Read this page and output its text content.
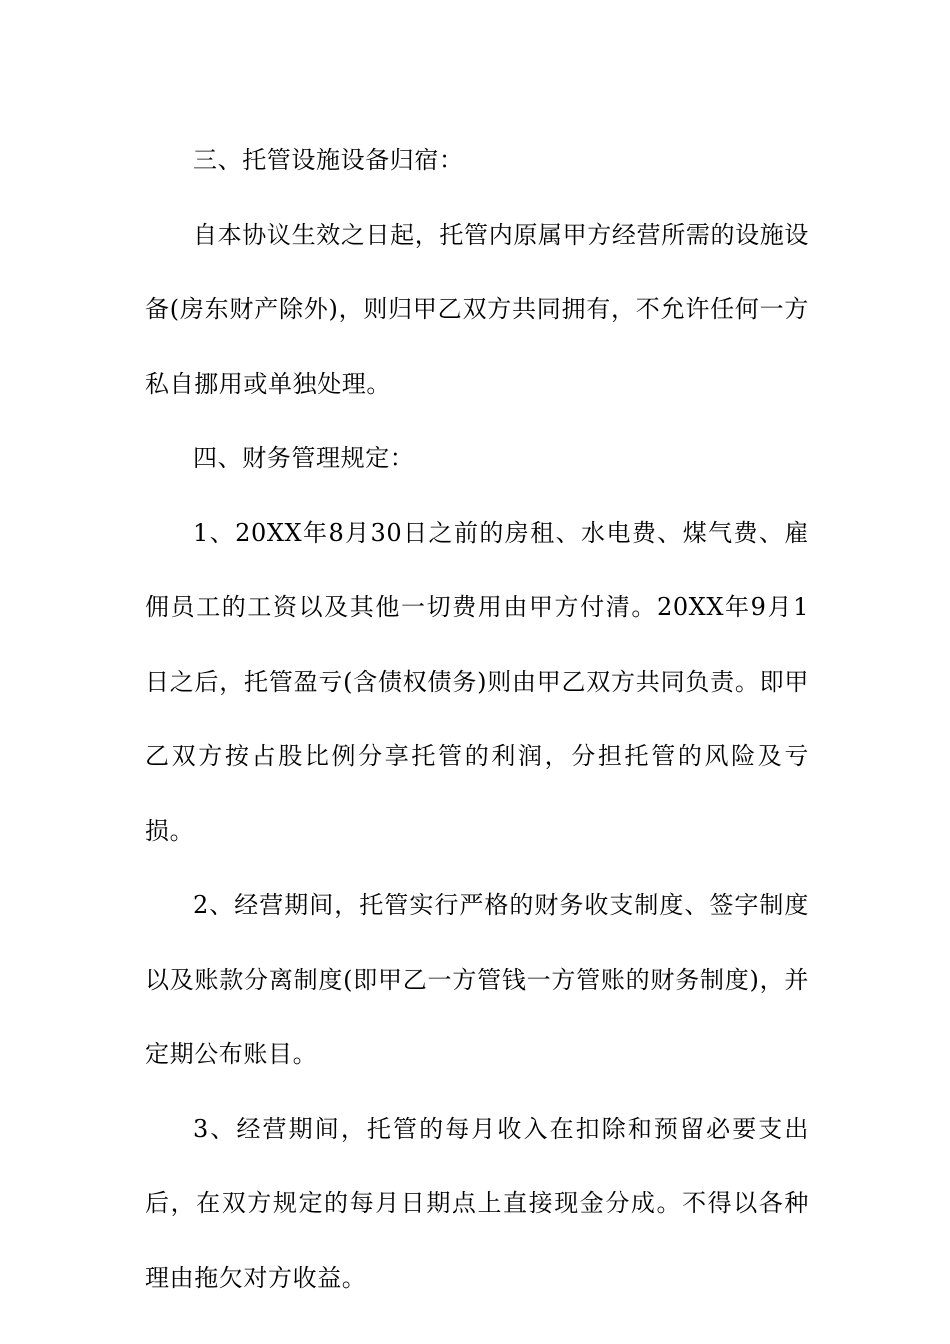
三、托管设施设备归宿：

自本协议生效之日起，托管内原属甲方经营所需的设施设备(房东财产除外)，则归甲乙双方共同拥有，不允许任何一方私自挪用或单独处理。

四、财务管理规定：

1、20XX年8月30日之前的房租、水电费、煤气费、雇佣员工的工资以及其他一切费用由甲方付清。20XX年9月1日之后，托管盈亏(含债权债务)则由甲乙双方共同负责。即甲乙双方按占股比例分享托管的利润，分担托管的风险及亏损。

2、经营期间，托管实行严格的财务收支制度、签字制度以及账款分离制度(即甲乙一方管钱一方管账的财务制度)，并定期公布账目。

3、经营期间，托管的每月收入在扣除和预留必要支出后，在双方规定的每月日期点上直接现金分成。不得以各种理由拖欠对方收益。
